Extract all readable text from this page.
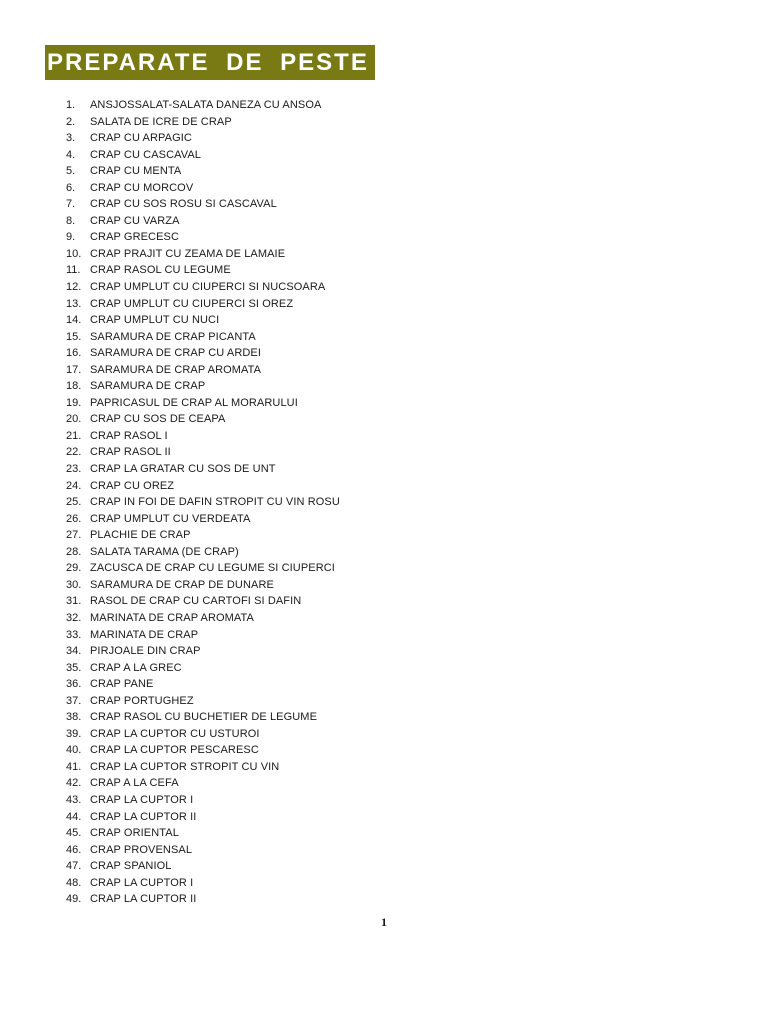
PREPARATE DE PESTE
1.	ANSJOSSALAT-SALATA DANEZA CU ANSOA
2.	SALATA DE ICRE DE CRAP
3.	CRAP CU ARPAGIC
4.	CRAP CU CASCAVAL
5.	CRAP CU MENTA
6.	CRAP CU MORCOV
7.	CRAP CU SOS ROSU SI CASCAVAL
8.	CRAP CU VARZA
9.	CRAP GRECESC
10. CRAP PRAJIT CU ZEAMA DE LAMAIE
11. CRAP RASOL CU LEGUME
12. CRAP UMPLUT CU CIUPERCI SI NUCSOARA
13. CRAP UMPLUT CU CIUPERCI SI OREZ
14. CRAP UMPLUT CU NUCI
15. SARAMURA DE CRAP PICANTA
16. SARAMURA DE CRAP CU ARDEI
17. SARAMURA DE CRAP AROMATA
18. SARAMURA DE CRAP
19. PAPRICASUL DE CRAP AL MORARULUI
20. CRAP CU SOS DE CEAPA
21. CRAP RASOL I
22. CRAP RASOL II
23. CRAP LA GRATAR CU SOS DE UNT
24. CRAP CU OREZ
25. CRAP IN FOI DE DAFIN STROPIT CU VIN ROSU
26. CRAP UMPLUT CU VERDEATA
27. PLACHIE DE CRAP
28. SALATA TARAMA (DE CRAP)
29. ZACUSCA DE CRAP CU LEGUME SI CIUPERCI
30. SARAMURA DE CRAP DE DUNARE
31. RASOL DE CRAP CU CARTOFI SI DAFIN
32. MARINATA DE CRAP AROMATA
33. MARINATA DE CRAP
34. PIRJOALE DIN CRAP
35. CRAP A LA GREC
36. CRAP PANE
37. CRAP PORTUGHEZ
38. CRAP RASOL CU BUCHETIER DE LEGUME
39. CRAP LA CUPTOR CU USTUROI
40. CRAP LA CUPTOR PESCARESC
41. CRAP LA CUPTOR STROPIT CU VIN
42. CRAP A LA CEFA
43. CRAP LA CUPTOR I
44. CRAP LA CUPTOR II
45. CRAP ORIENTAL
46. CRAP PROVENSAL
47. CRAP SPANIOL
48. CRAP LA CUPTOR I
49. CRAP LA CUPTOR II
1
